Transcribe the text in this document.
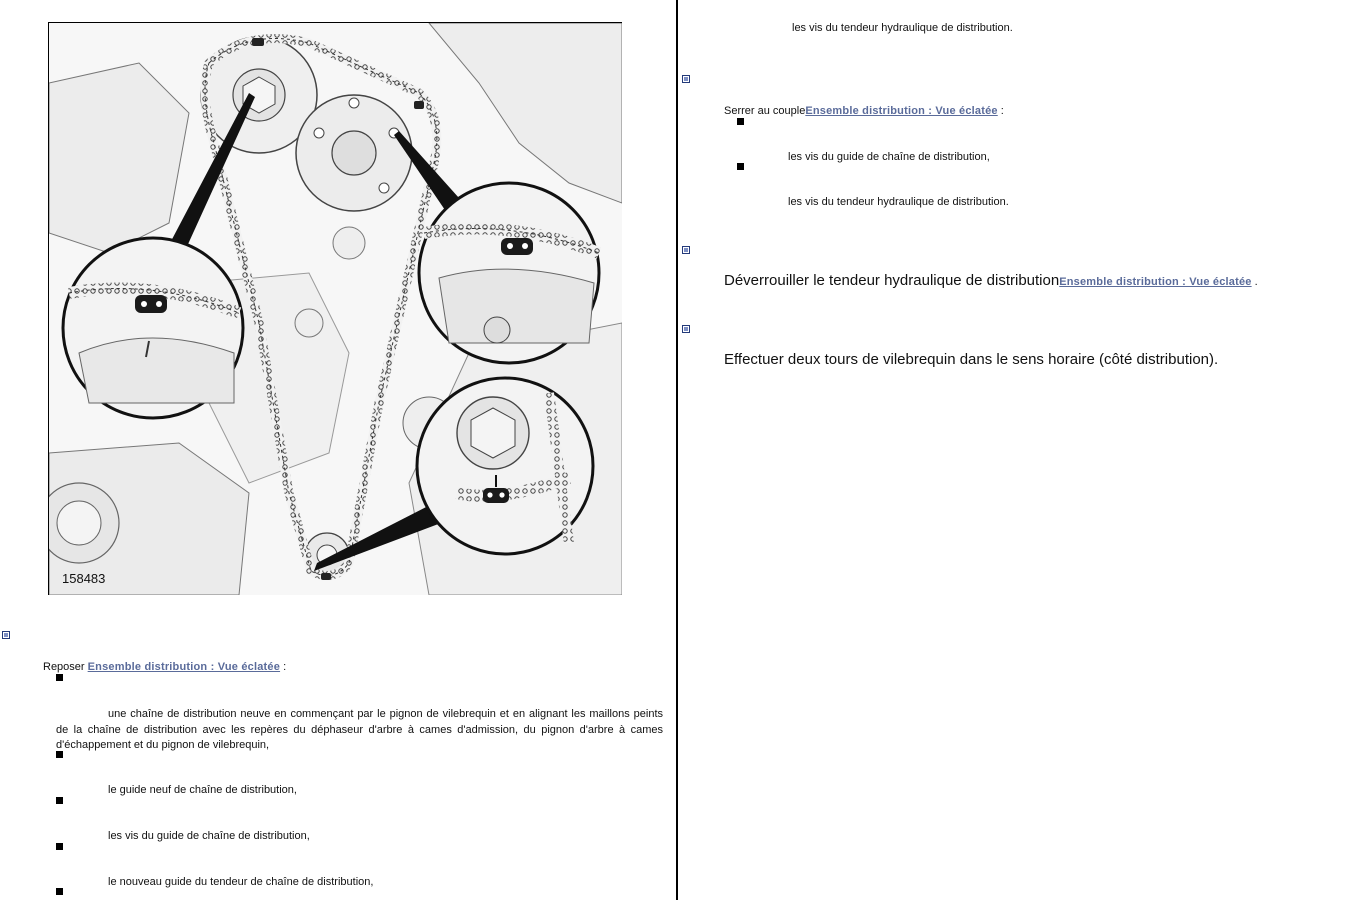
158483
Reposer Ensemble distribution : Vue éclatée :
une chaîne de distribution neuve en commençant par le pignon de vilebrequin et en alignant les maillons peints de la chaîne de distribution avec les repères du déphaseur d'arbre à cames d'admission, du pignon d'arbre à cames d'échappement et du pignon de vilebrequin,
le guide neuf de chaîne de distribution,
les vis du guide de chaîne de distribution,
le nouveau guide du tendeur de chaîne de distribution,
les vis du tendeur hydraulique de distribution.
Serrer au coupleEnsemble distribution : Vue éclatée :
les vis du guide de chaîne de distribution,
les vis du tendeur hydraulique de distribution.
Déverrouiller le tendeur hydraulique de distributionEnsemble distribution : Vue éclatée .
Effectuer deux tours de vilebrequin dans le sens horaire (côté distribution).
